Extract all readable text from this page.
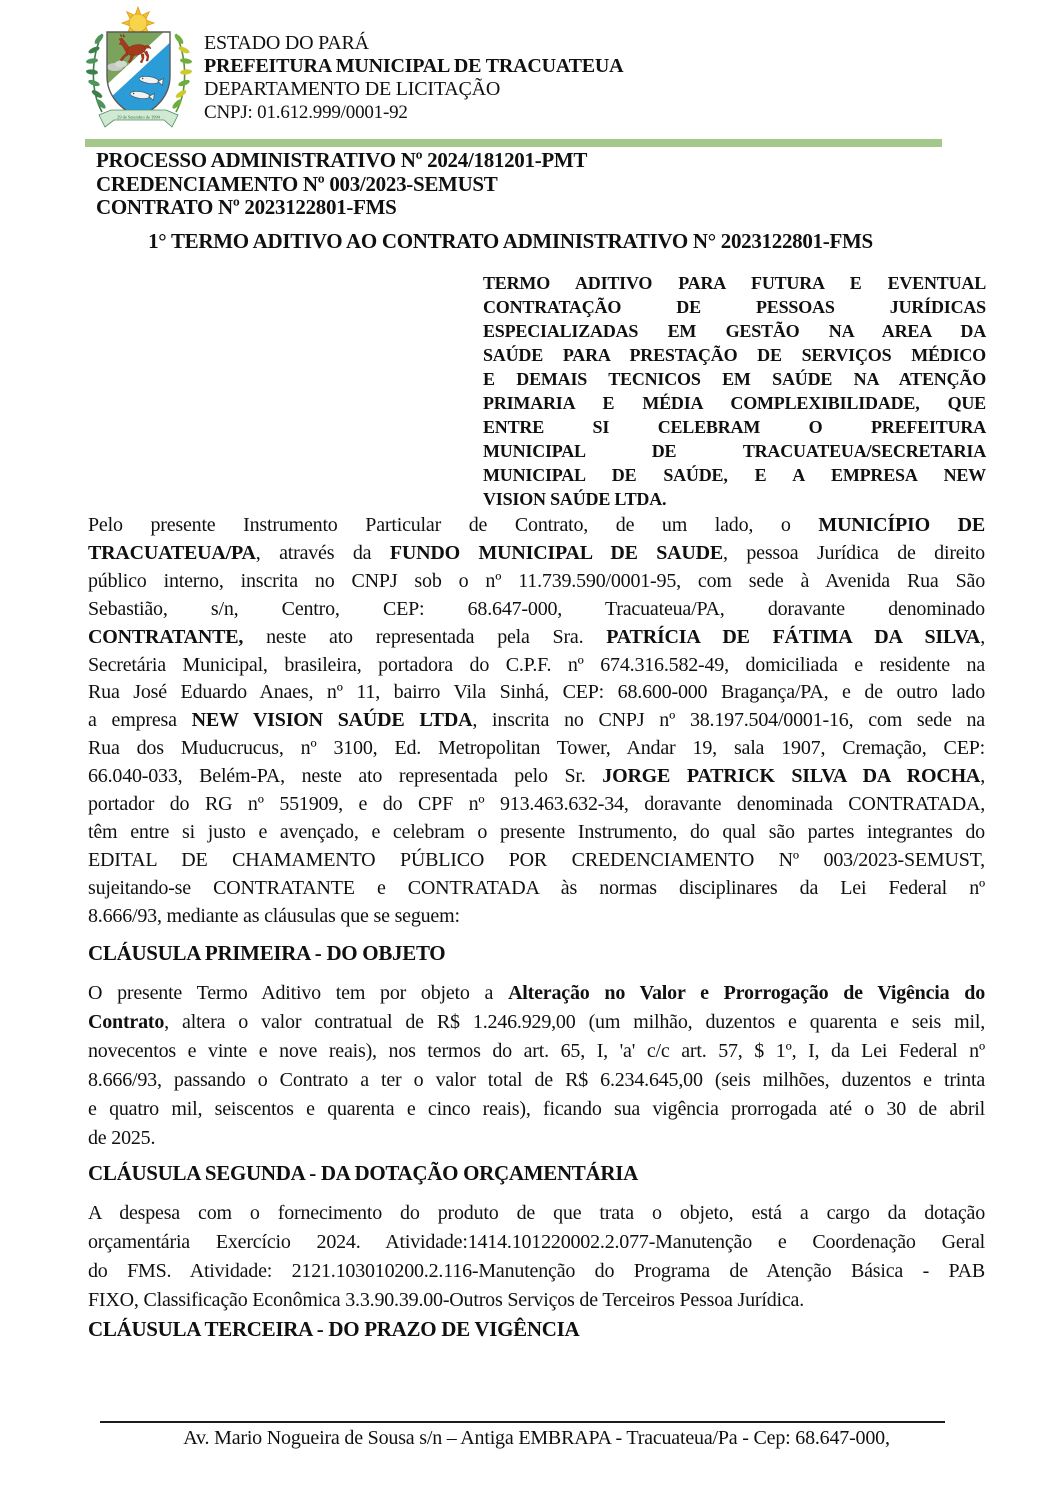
29 de Setembro de 1994
ESTADO DO PARÁ
PREFEITURA MUNICIPAL DE TRACUATEUA
DEPARTAMENTO DE LICITAÇÃO
CNPJ: 01.612.999/0001-92
PROCESSO ADMINISTRATIVO Nº 2024/181201-PMT
CREDENCIAMENTO Nº 003/2023-SEMUST
CONTRATO Nº 2023122801-FMS
1° TERMO ADITIVO AO CONTRATO ADMINISTRATIVO N° 2023122801-FMS
TERMO ADITIVO PARA FUTURA E EVENTUAL
CONTRATAÇÃO DE PESSOAS JURÍDICAS
ESPECIALIZADAS EM GESTÃO NA AREA DA
SAÚDE PARA PRESTAÇÃO DE SERVIÇOS MÉDICO
E DEMAIS TECNICOS EM SAÚDE NA ATENÇÃO
PRIMARIA E MÉDIA COMPLEXIBILIDADE, QUE
ENTRE SI CELEBRAM O PREFEITURA
MUNICIPAL DE TRACUATEUA/SECRETARIA
MUNICIPAL DE SAÚDE, E A EMPRESA NEW
VISION SAÚDE LTDA.
Pelo presente Instrumento Particular de Contrato, de um lado, o MUNICÍPIO DE
TRACUATEUA/PA, através da FUNDO MUNICIPAL DE SAUDE, pessoa Jurídica de direito
público interno, inscrita no CNPJ sob o nº 11.739.590/0001-95, com sede à Avenida Rua São
Sebastião, s/n, Centro, CEP: 68.647-000, Tracuateua/PA, doravante denominado
CONTRATANTE, neste ato representada pela Sra. PATRÍCIA DE FÁTIMA DA SILVA,
Secretária Municipal, brasileira, portadora do C.P.F. nº 674.316.582-49, domiciliada e residente na
Rua José Eduardo Anaes, nº 11, bairro Vila Sinhá, CEP: 68.600-000 Bragança/PA, e de outro lado
a empresa NEW VISION SAÚDE LTDA, inscrita no CNPJ nº 38.197.504/0001-16, com sede na
Rua dos Muducrucus, nº 3100, Ed. Metropolitan Tower, Andar 19, sala 1907, Cremação, CEP:
66.040-033, Belém-PA, neste ato representada pelo Sr. JORGE PATRICK SILVA DA ROCHA,
portador do RG nº 551909, e do CPF nº 913.463.632-34, doravante denominada CONTRATADA,
têm entre si justo e avençado, e celebram o presente Instrumento, do qual são partes integrantes do
EDITAL DE CHAMAMENTO PÚBLICO POR CREDENCIAMENTO Nº 003/2023-SEMUST,
sujeitando-se CONTRATANTE e CONTRATADA às normas disciplinares da Lei Federal nº
8.666/93, mediante as cláusulas que se seguem:
CLÁUSULA PRIMEIRA - DO OBJETO
O presente Termo Aditivo tem por objeto a Alteração no Valor e Prorrogação de Vigência do
Contrato, altera o valor contratual de R$ 1.246.929,00 (um milhão, duzentos e quarenta e seis mil,
novecentos e vinte e nove reais), nos termos do art. 65, I, 'a' c/c art. 57, $ 1º, I, da Lei Federal nº
8.666/93, passando o Contrato a ter o valor total de R$ 6.234.645,00 (seis milhões, duzentos e trinta
e quatro mil, seiscentos e quarenta e cinco reais), ficando sua vigência prorrogada até o 30 de abril
de 2025.
CLÁUSULA SEGUNDA - DA DOTAÇÃO ORÇAMENTÁRIA
A despesa com o fornecimento do produto de que trata o objeto, está a cargo da dotação
orçamentária Exercício 2024. Atividade:1414.101220002.2.077-Manutenção e Coordenação Geral
do FMS. Atividade: 2121.103010200.2.116-Manutenção do Programa de Atenção Básica - PAB
FIXO, Classificação Econômica 3.3.90.39.00-Outros Serviços de Terceiros Pessoa Jurídica.
CLÁUSULA TERCEIRA - DO PRAZO DE VIGÊNCIA
Av. Mario Nogueira de Sousa s/n – Antiga EMBRAPA - Tracuateua/Pa - Cep: 68.647-000,
